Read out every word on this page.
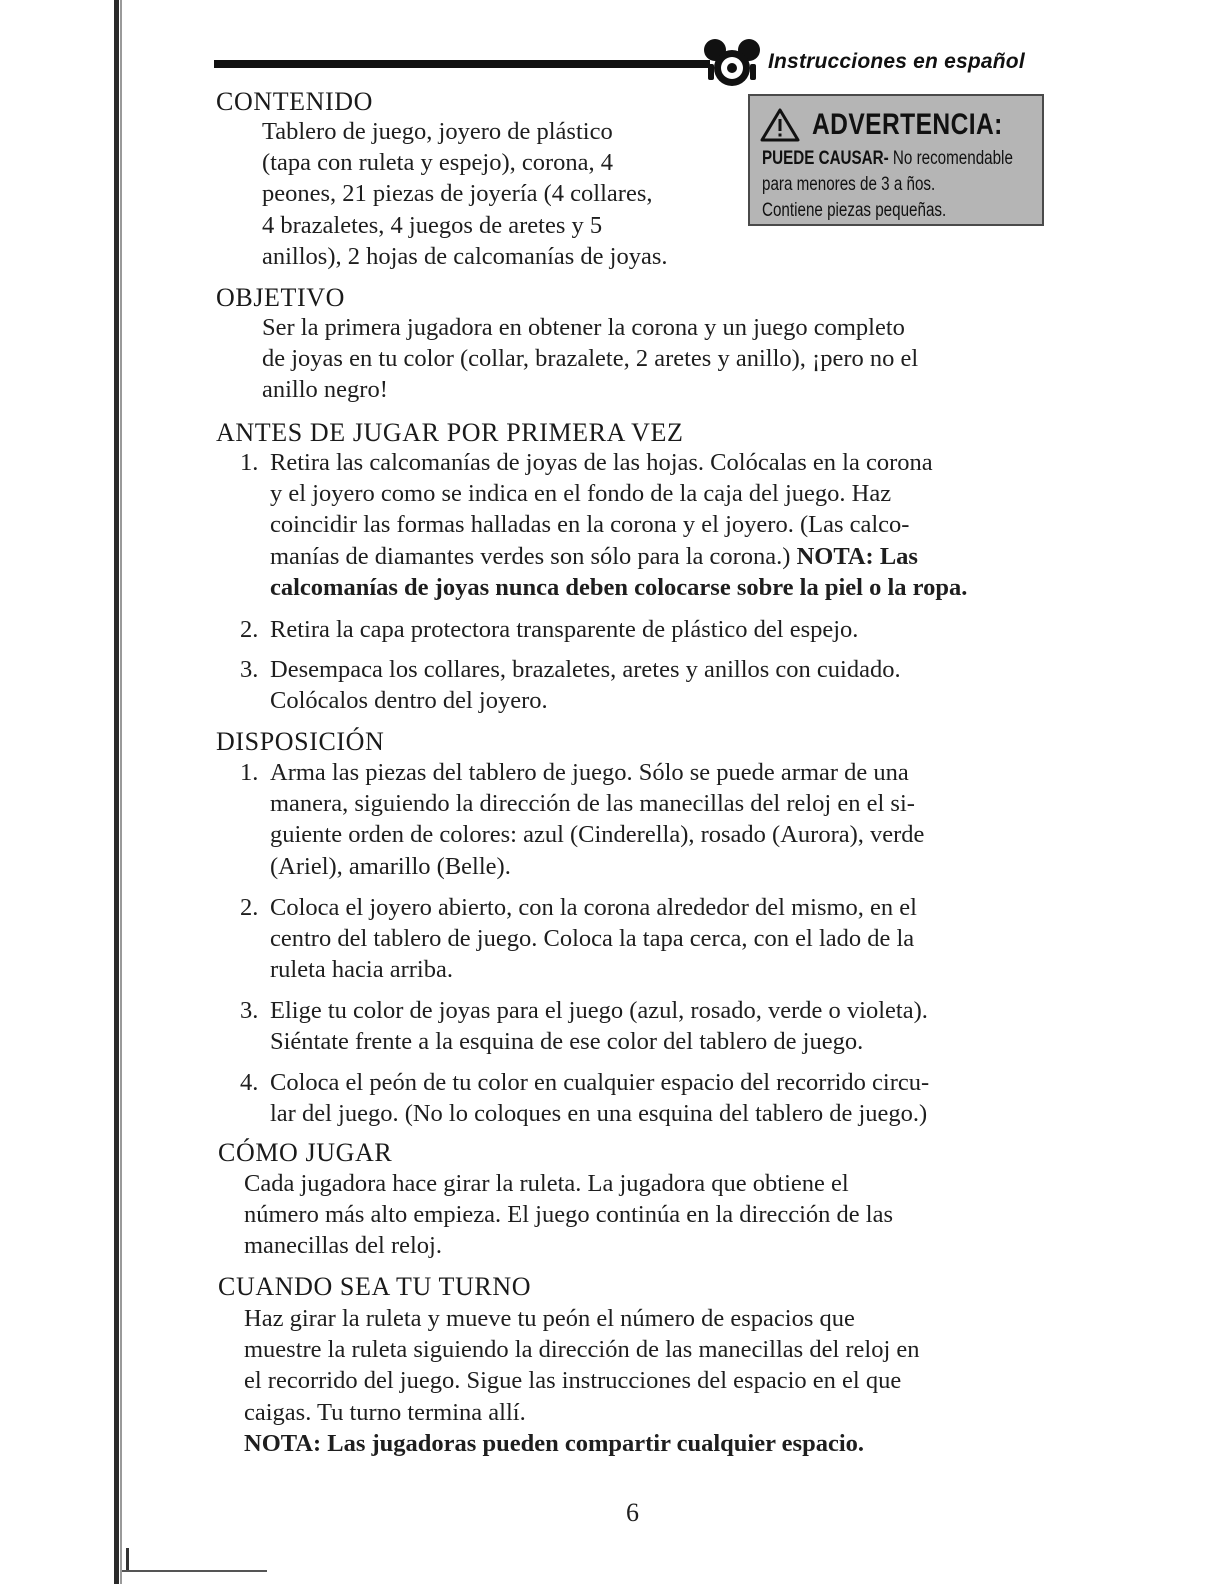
Instrucciones en español
ADVERTENCIA:
PUEDE CAUSAR- No recomendable
para menores de 3 a ños.
Contiene piezas pequeñas.
CONTENIDO
Tablero de juego, joyero de plástico
(tapa con ruleta y espejo), corona, 4
peones, 21 piezas de joyería (4 collares,
4 brazaletes, 4 juegos de aretes y 5
anillos), 2 hojas de calcomanías de joyas.
OBJETIVO
Ser la primera jugadora en obtener la corona y un juego completo
de joyas en tu color (collar, brazalete, 2 aretes y anillo), ¡pero no el
anillo negro!
ANTES DE JUGAR POR PRIMERA VEZ
1. Retira las calcomanías de joyas de las hojas. Colócalas en la corona
y el joyero como se indica en el fondo de la caja del juego. Haz
coincidir las formas halladas en la corona y el joyero. (Las calco-
manías de diamantes verdes son sólo para la corona.) NOTA: Las
calcomanías de joyas nunca deben colocarse sobre la piel o la ropa.
2. Retira la capa protectora transparente de plástico del espejo.
3. Desempaca los collares, brazaletes, aretes y anillos con cuidado.
Colócalos dentro del joyero.
DISPOSICIÓN
1. Arma las piezas del tablero de juego. Sólo se puede armar de una
manera, siguiendo la dirección de las manecillas del reloj en el si-
guiente orden de colores: azul (Cinderella), rosado (Aurora), verde
(Ariel), amarillo (Belle).
2. Coloca el joyero abierto, con la corona alrededor del mismo, en el
centro del tablero de juego. Coloca la tapa cerca, con el lado de la
ruleta hacia arriba.
3. Elige tu color de joyas para el juego (azul, rosado, verde o violeta).
Siéntate frente a la esquina de ese color del tablero de juego.
4. Coloca el peón de tu color en cualquier espacio del recorrido circu-
lar del juego. (No lo coloques en una esquina del tablero de juego.)
CÓMO JUGAR
Cada jugadora hace girar la ruleta. La jugadora que obtiene el
número más alto empieza. El juego continúa en la dirección de las
manecillas del reloj.
CUANDO SEA TU TURNO
Haz girar la ruleta y mueve tu peón el número de espacios que
muestre la ruleta siguiendo la dirección de las manecillas del reloj en
el recorrido del juego. Sigue las instrucciones del espacio en el que
caigas. Tu turno termina allí.
NOTA: Las jugadoras pueden compartir cualquier espacio.
6
